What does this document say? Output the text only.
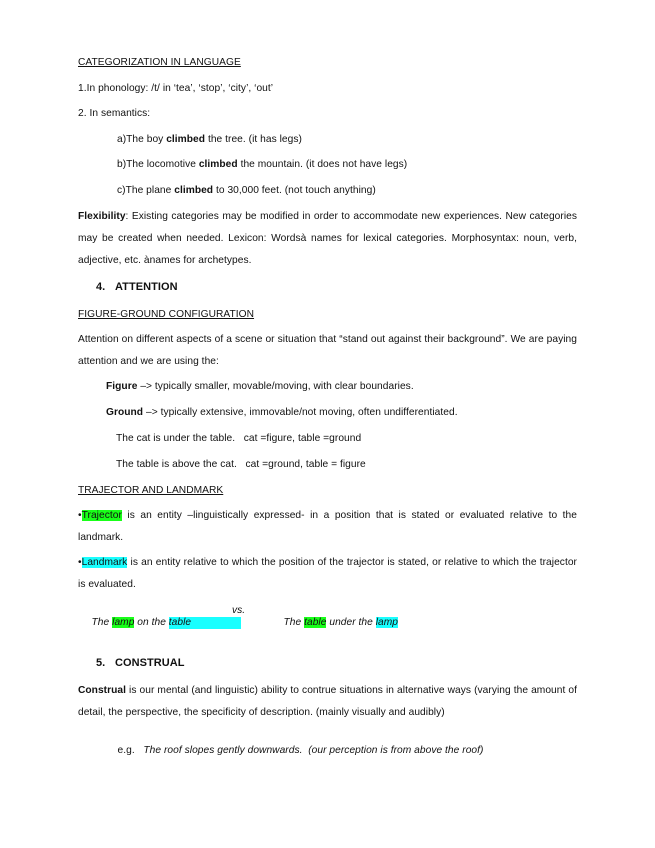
CATEGORIZATION IN LANGUAGE
1.In phonology: /t/ in ‘tea’, ‘stop’, ‘city’, ‘out’
2. In semantics:
a)The boy climbed the tree. (it has legs)
b)The locomotive climbed the mountain. (it does not have legs)
c)The plane climbed to 30,000 feet. (not touch anything)
Flexibility: Existing categories may be modified in order to accommodate new experiences. New categories may be created when needed. Lexicon: Wordsà names for lexical categories. Morphosyntax: noun, verb, adjective, etc. ànames for archetypes.
4. ATTENTION
FIGURE-GROUND CONFIGURATION
Attention on different aspects of a scene or situation that “stand out against their background”. We are paying attention and we are using the:
Figure –> typically smaller, movable/moving, with clear boundaries.
Ground –> typically extensive, immovable/not moving, often undifferentiated.
The cat is under the table.   cat =figure, table =ground
The table is above the cat.   cat =ground, table = figure
TRAJECTOR AND LANDMARK
•Trajector is an entity –linguistically expressed- in a position that is stated or evaluated relative to the landmark.
•Landmark is an entity relative to which the position of the trajector is stated, or relative to which the trajector is evaluated.

The lamp on the table

vs.

The table under the lamp

5. CONSTRUAL
Construal is our mental (and linguistic) ability to contrue situations in alternative ways (varying the amount of detail, the perspective, the specificity of description. (mainly visually and audibly)

e.g. The roof slopes gently downwards.  (our perception is from above the roof)
